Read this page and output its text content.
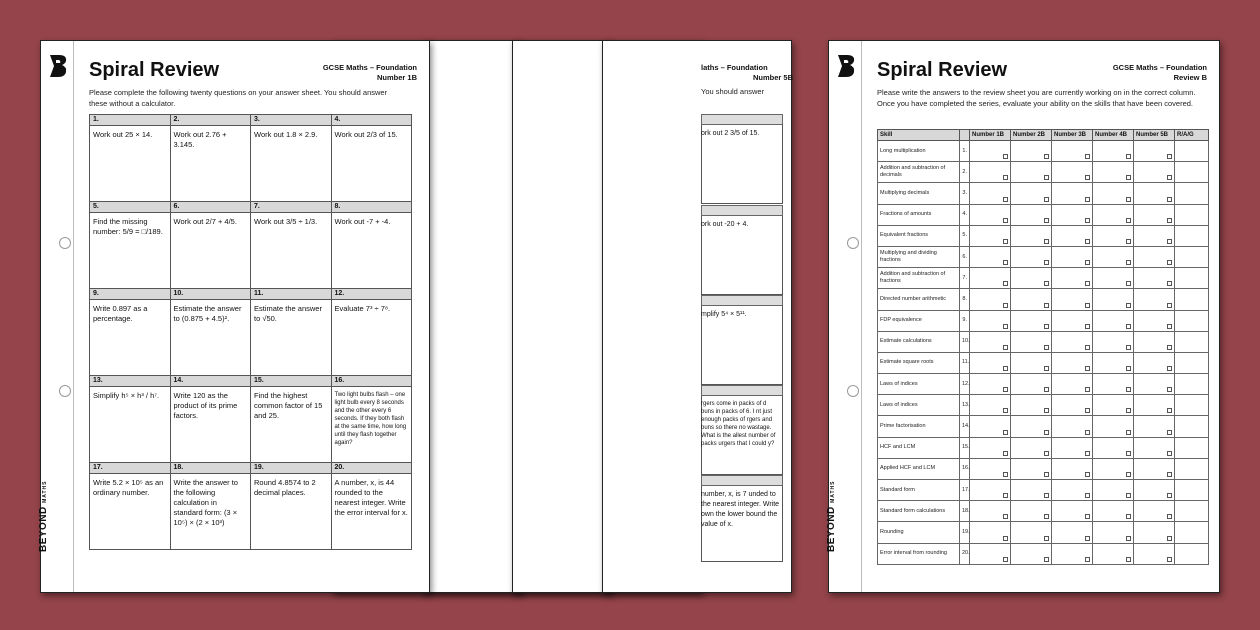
laths – Foundation
Number 5B
You should answer
ork out 2 3/5 of 15.
ork out -20 + 4.
mplify 5⁴ × 5¹¹.
rgers come in packs of d buns in packs of 6. I nt just enough packs of rgers and buns so there no wastage. What is the allest number of packs urgers that I could y?
number, x, is 7 unded to the nearest integer. Write own the lower bound the value of x.
BEYOND MATHS
Spiral Review	GCSE Maths – Foundation
Number 1B
Please complete the following twenty questions on your answer sheet. You should answer
these without a calculator.
1.	2.	3.	4.
Work out 25 × 14.	Work out 2.76 + 3.145.	Work out 1.8 × 2.9.	Work out 2/3 of 15.
5.	6.	7.	8.
Find the missing number: 5/9 = □/189.	Work out 2/7 + 4/5.	Work out 3/5 ÷ 1/3.	Work out -7 + -4.
9.	10.	11.	12.
Write 0.897 as a percentage.	Estimate the answer to (0.875 + 4.5)².	Estimate the answer to √50.	Evaluate 7³ ÷ 7⁸.
13.	14.	15.	16.
Simplify h⁵ × h³ / h⁷.	Write 120 as the product of its prime factors.	Find the highest common factor of 15 and 25.	Two light bulbs flash – one light bulb every 8 seconds and the other every 6 seconds. If they both flash at the same time, how long until they flash together again?
17.	18.	19.	20.
Write 5.2 × 10⁵ as an ordinary number.	Write the answer to the following calculation in standard form: (3 × 10⁵) × (2 × 10³)	Round 4.8574 to 2 decimal places.	A number, x, is 44 rounded to the nearest integer. Write the error interval for x.	BEYOND MATHS
Spiral Review	GCSE Maths – Foundation
Review B
Please write the answers to the review sheet you are currently working on in the correct column. Once you have completed the series, evaluate your ability on the skills that have been covered.
Skill		Number 1B	Number 2B	Number 3B	Number 4B	Number 5B	R/A/G
Long multiplication	1.	

Addition and subtraction of decimals	2.	

Multiplying decimals	3.	

Fractions of amounts	4.	

Equivalent fractions	5.	

Multiplying and dividing fractions	6.	

Addition and subtraction of fractions	7.	

Directed number arithmetic	8.	

FDP equivalence	9.	

Estimate calculations	10.	

Estimate square roots	11.	

Laws of indices	12.	

Laws of indices	13.	

Prime factorisation	14.	

HCF and LCM	15.	

Applied HCF and LCM	16.	

Standard form	17.	

Standard form calculations	18.	

Rounding	19.	

Error interval from rounding	20.	
